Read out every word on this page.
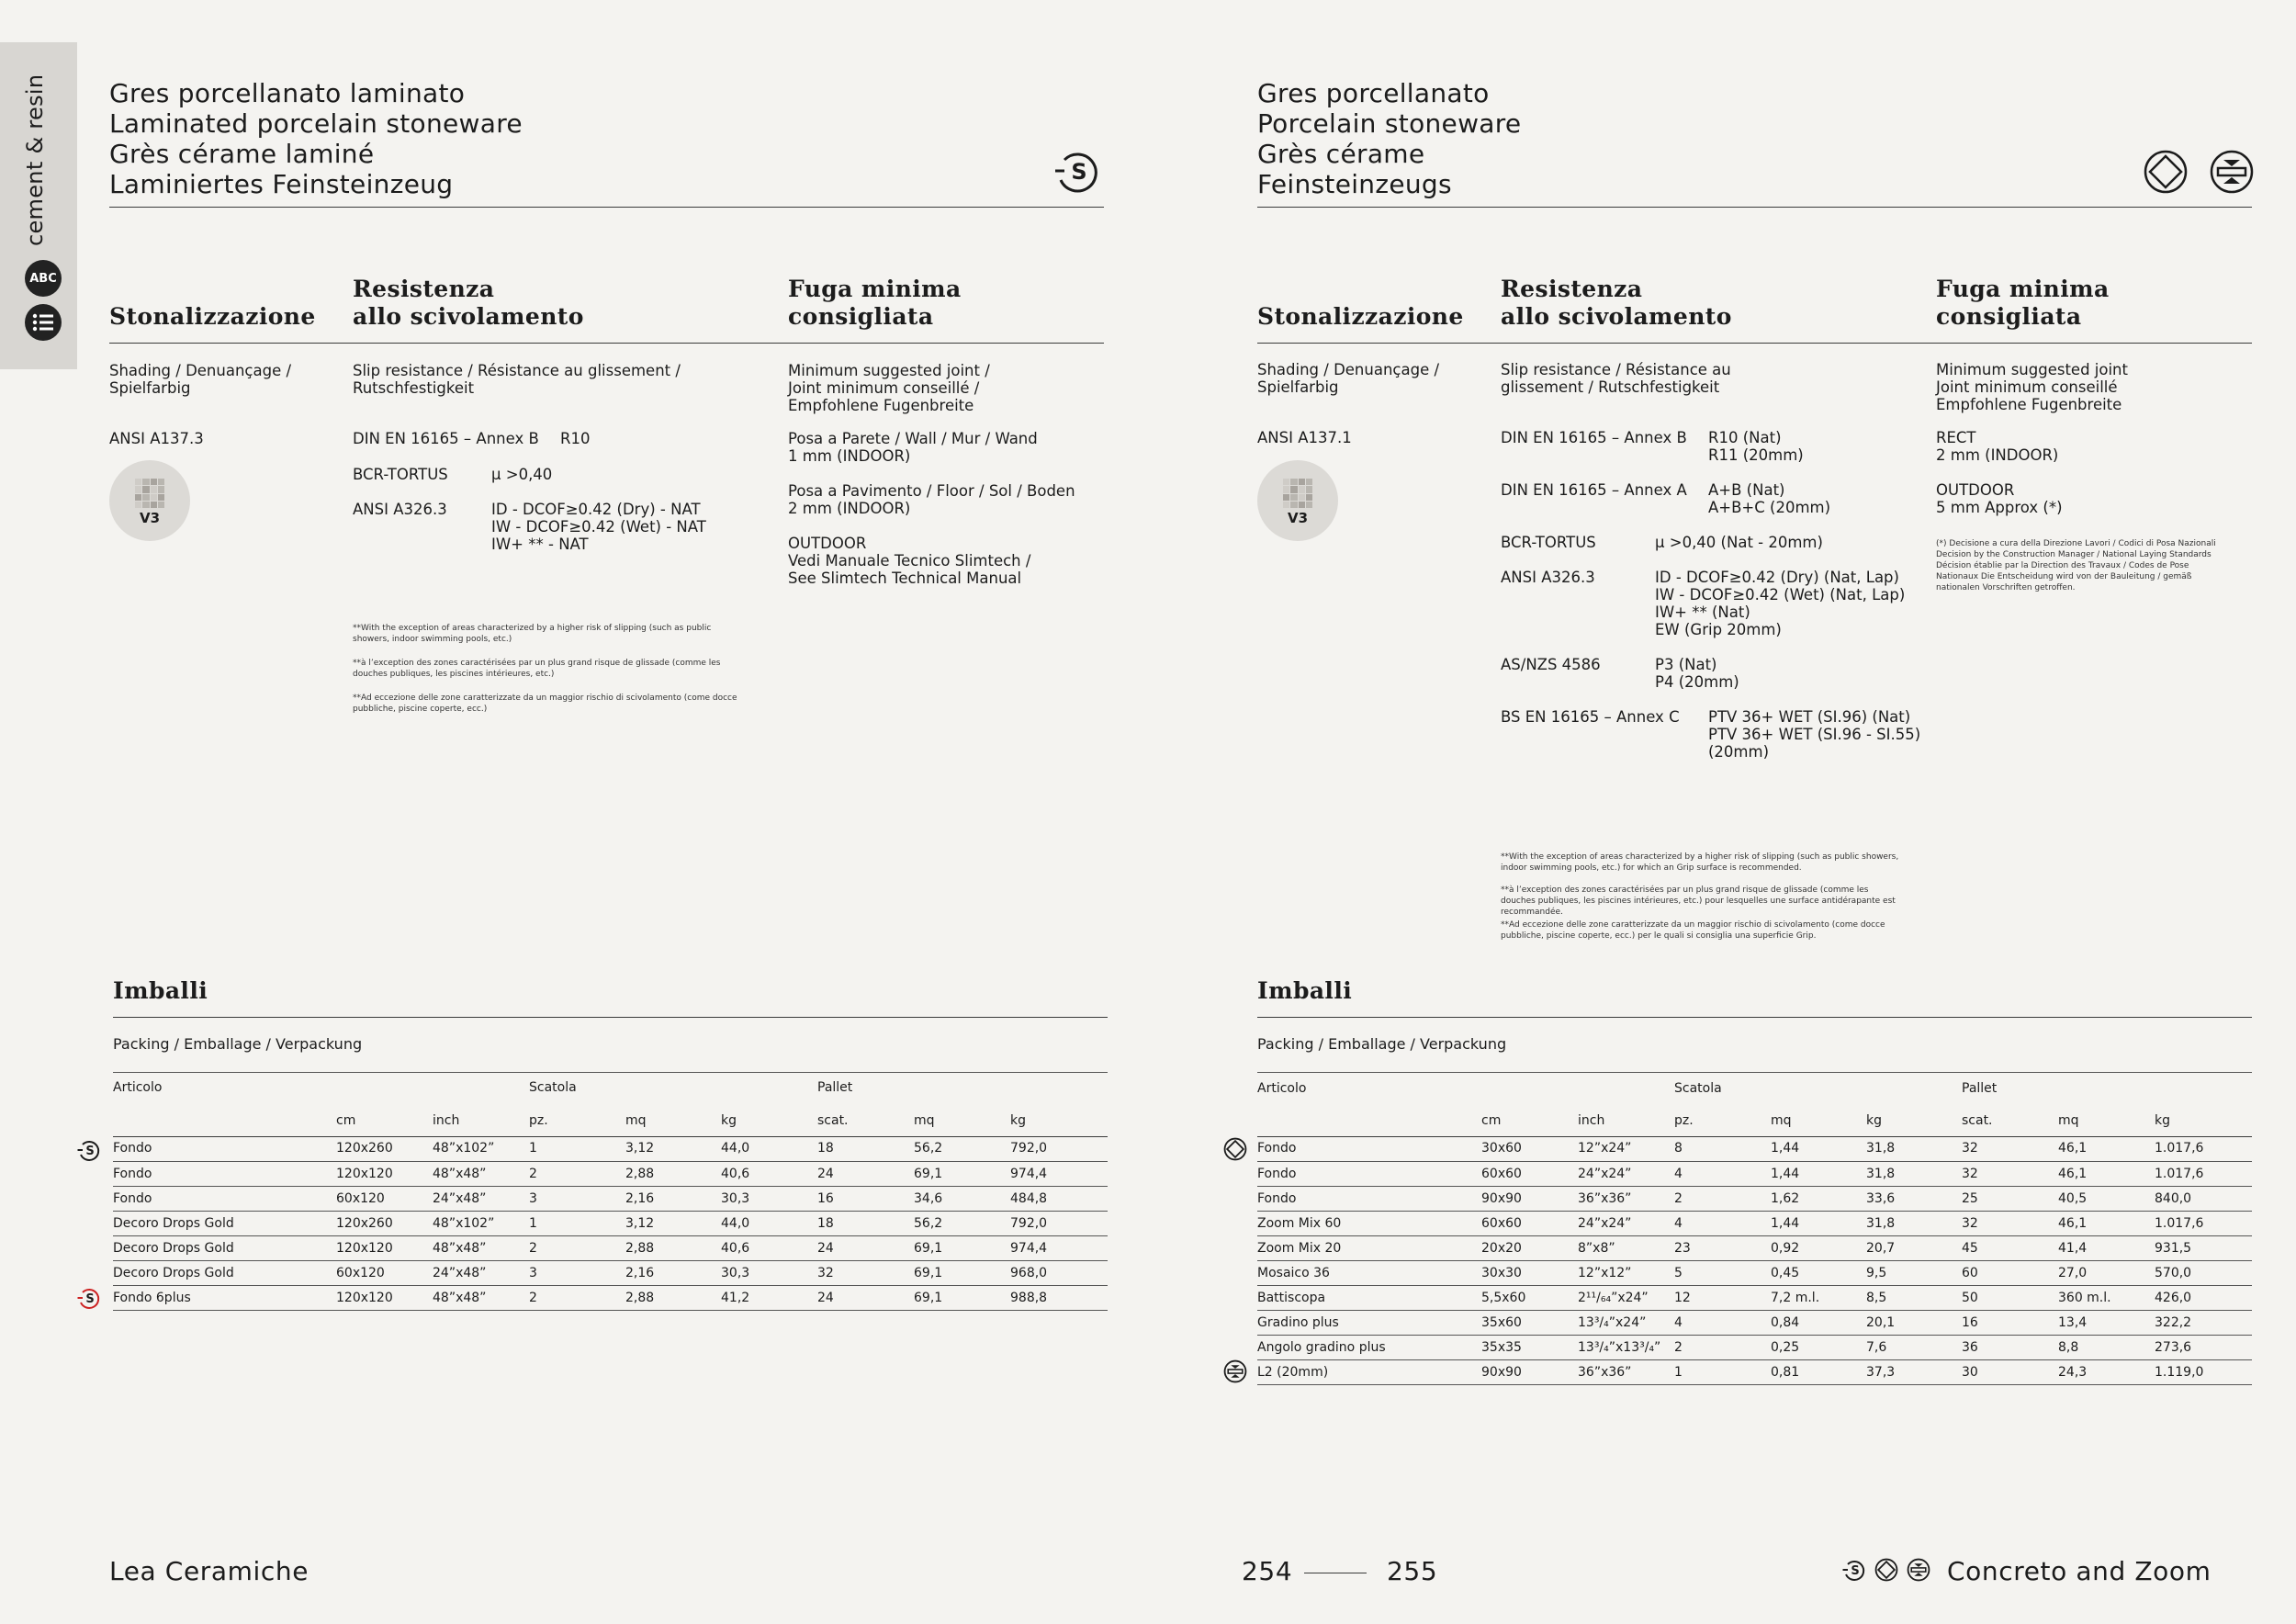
cement & resin
ABC
Gres porcellanato laminato
Laminated porcelain stoneware
Grès cérame laminé
Laminiertes Feinsteinzeug	S
Stonalizzazione
Resistenza
allo scivolamento
Fuga minima
consigliata
Shading / Denuançage / Spielfarbig
Slip resistance / Résistance au glissement / Rutschfestigkeit
Minimum suggested joint / Joint minimum conseillé / Empfohlene Fugenbreite
ANSI A137.3
V3
DIN EN 16165 – Annex B R10
BCR-TORTUS	µ >0,40
ANSI A326.3	ID - DCOF≥0.42 (Dry) - NAT
IW - DCOF≥0.42 (Wet) - NAT
IW+ ** - NAT
**With the exception of areas characterized by a higher risk of slipping (such as public showers, indoor swimming pools, etc.)
**à l’exception des zones caractérisées par un plus grand risque de glissade (comme les douches publiques, les piscines intérieures, etc.)
**Ad eccezione delle zone caratterizzate da un maggior rischio di scivolamento (come docce pubbliche, piscine coperte, ecc.)
Posa a Parete / Wall / Mur / Wand
1 mm (INDOOR)
Posa a Pavimento / Floor / Sol / Boden
2 mm (INDOOR)
OUTDOOR
Vedi Manuale Tecnico Slimtech /
See Slimtech Technical Manual
Imballi
Packing / Emballage / Verpackung
Articolo	Scatola	Pallet
cm	inch	pz.	mq	kg	scat.	mq	kg
Fondo	120x260	48”x102”	1	3,12	44,0	18	56,2	792,0
Fondo	120x120	48”x48”	2	2,88	40,6	24	69,1	974,4
Fondo	60x120	24”x48”	3	2,16	30,3	16	34,6	484,8
Decoro Drops Gold	120x260	48”x102”	1	3,12	44,0	18	56,2	792,0
Decoro Drops Gold	120x120	48”x48”	2	2,88	40,6	24	69,1	974,4
Decoro Drops Gold	60x120	24”x48”	3	2,16	30,3	32	69,1	968,0
Fondo 6plus	120x120	48”x48”	2	2,88	41,2	24	69,1	988,8
S
S
Gres porcellanato
Porcelain stoneware
Grès cérame
Feinsteinzeugs
Stonalizzazione
Resistenza
allo scivolamento
Fuga minima
consigliata
Shading / Denuançage / Spielfarbig
Slip resistance / Résistance au glissement / Rutschfestigkeit
Minimum suggested joint
Joint minimum conseillé
Empfohlene Fugenbreite
ANSI A137.1
V3
DIN EN 16165 – Annex B R10 (Nat)
R11 (20mm)
DIN EN 16165 – Annex A A+B (Nat)
A+B+C (20mm)
BCR-TORTUS	µ >0,40 (Nat - 20mm)
ANSI A326.3	ID - DCOF≥0.42 (Dry) (Nat, Lap)
IW - DCOF≥0.42 (Wet) (Nat, Lap)
IW+ ** (Nat)
EW (Grip 20mm)
AS/NZS 4586	P3 (Nat)
P4 (20mm)
BS EN 16165 – Annex C PTV 36+ WET (SI.96) (Nat)
PTV 36+ WET (SI.96 - SI.55)
(20mm)
**With the exception of areas characterized by a higher risk of slipping (such as public showers, indoor swimming pools, etc.) for which an Grip surface is recommended.
**à l’exception des zones caractérisées par un plus grand risque de glissade (comme les douches publiques, les piscines intérieures, etc.) pour lesquelles une surface antidérapante est recommandée.
**Ad eccezione delle zone caratterizzate da un maggior rischio di scivolamento (come docce pubbliche, piscine coperte, ecc.) per le quali si consiglia una superficie Grip.
RECT
2 mm (INDOOR)
OUTDOOR
5 mm Approx (*)
(*) Decisione a cura della Direzione Lavori / Codici di Posa Nazionali
Decision by the Construction Manager / National Laying Standards
Décision établie par la Direction des Travaux / Codes de Pose
Nationaux Die Entscheidung wird von der Bauleitung / gemäß
nationalen Vorschriften getroffen.
Imballi
Packing / Emballage / Verpackung
Articolo	Scatola	Pallet
cm	inch	pz.	mq	kg	scat.	mq	kg
Fondo	30x60	12”x24”	8	1,44	31,8	32	46,1	1.017,6
Fondo	60x60	24”x24”	4	1,44	31,8	32	46,1	1.017,6
Fondo	90x90	36”x36”	2	1,62	33,6	25	40,5	840,0
Zoom Mix 60	60x60	24”x24”	4	1,44	31,8	32	46,1	1.017,6
Zoom Mix 20	20x20	8”x8”	23	0,92	20,7	45	41,4	931,5
Mosaico 36	30x30	12”x12”	5	0,45	9,5	60	27,0	570,0
Battiscopa	5,5x60	2¹¹/₆₄”x24”	12	7,2 m.l.	8,5	50	360 m.l.	426,0
Gradino plus	35x60	13³/₄”x24”	4	0,84	20,1	16	13,4	322,2
Angolo gradino plus	35x35	13³/₄”x13³/₄”	2	0,25	7,6	36	8,8	273,6
L2 (20mm)	90x90	36”x36”	1	0,81	37,3	30	24,3	1.119,0
Lea Ceramiche	254	255	S	Concreto and Zoom
